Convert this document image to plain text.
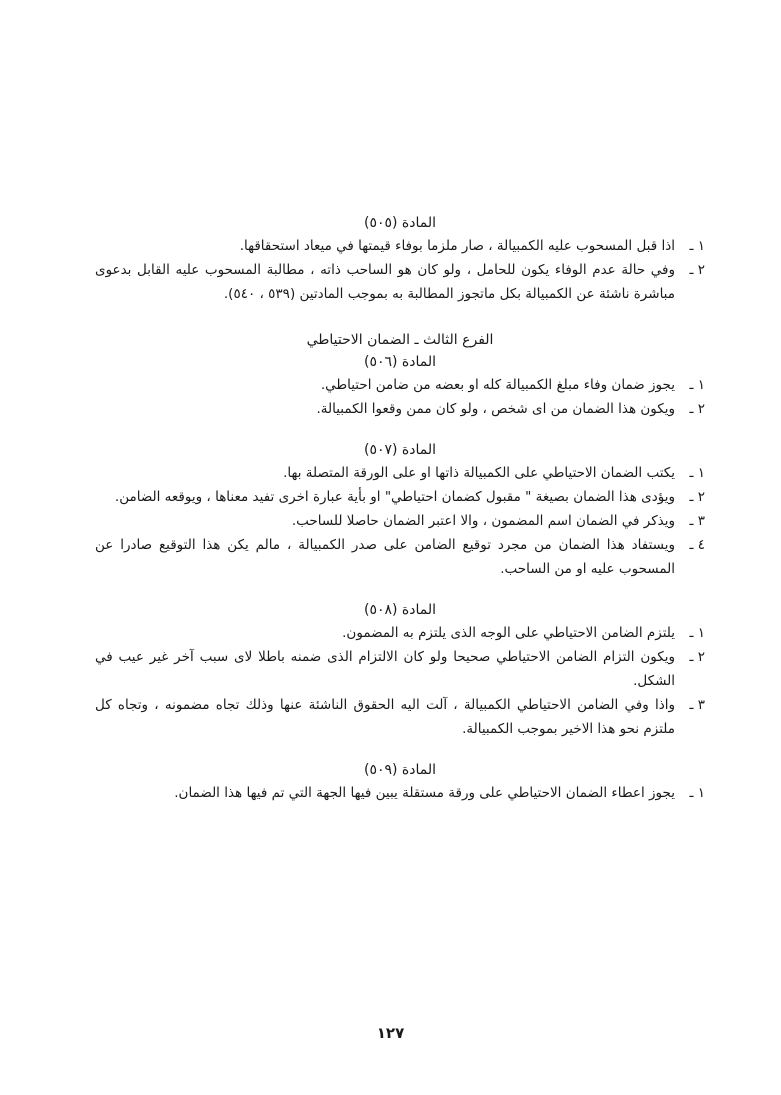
المادة (٥٠٥)
١ ـ
اذا قبل المسحوب عليه الكمبيالة ، صار ملزما بوفاء قيمتها في ميعاد استحقاقها.
٢ ـ
وفي حالة عدم الوفاء يكون للحامل ، ولو كان هو الساحب ذاته ، مطالبة المسحوب عليه القابل بدعوى مباشرة ناشئة عن الكمبيالة بكل ماتجوز المطالبة به بموجب المادتين (٥٣٩ ، ٥٤٠).
الفرع الثالث ـ الضمان الاحتياطي
المادة (٥٠٦)
١ ـ
يجوز ضمان وفاء مبلغ الكمبيالة كله او بعضه من ضامن احتياطي.
٢ ـ
ويكون هذا الضمان من اى شخص ، ولو كان ممن وقعوا الكمبيالة.
المادة (٥٠٧)
١ ـ
يكتب الضمان الاحتياطي على الكمبيالة ذاتها او على الورقة المتصلة بها.
٢ ـ
ويؤدى هذا الضمان بصيغة " مقبول كضمان احتياطي" او بأية عبارة اخرى تفيد معناها ، ويوقعه الضامن.
٣ ـ
ويذكر في الضمان اسم المضمون ، والا اعتبر الضمان حاصلا للساحب.
٤ ـ
ويستفاد هذا الضمان من مجرد توقيع الضامن على صدر الكمبيالة ، مالم يكن هذا التوقيع صادرا عن المسحوب عليه او من الساحب.
المادة (٥٠٨)
١ ـ
يلتزم الضامن الاحتياطي على الوجه الذى يلتزم به المضمون.
٢ ـ
ويكون التزام الضامن الاحتياطي صحيحا ولو كان الالتزام الذى ضمنه باطلا لاى سبب آخر غير عيب في الشكل.
٣ ـ
واذا وفي الضامن الاحتياطي الكمبيالة ، آلت اليه الحقوق الناشئة عنها وذلك تجاه مضمونه ، وتجاه كل ملتزم نحو هذا الاخير بموجب الكمبيالة.
المادة (٥٠٩)
١ ـ
يجوز اعطاء الضمان الاحتياطي على ورقة مستقلة يبين فيها الجهة التي تم فيها هذا الضمان.
١٢٧
